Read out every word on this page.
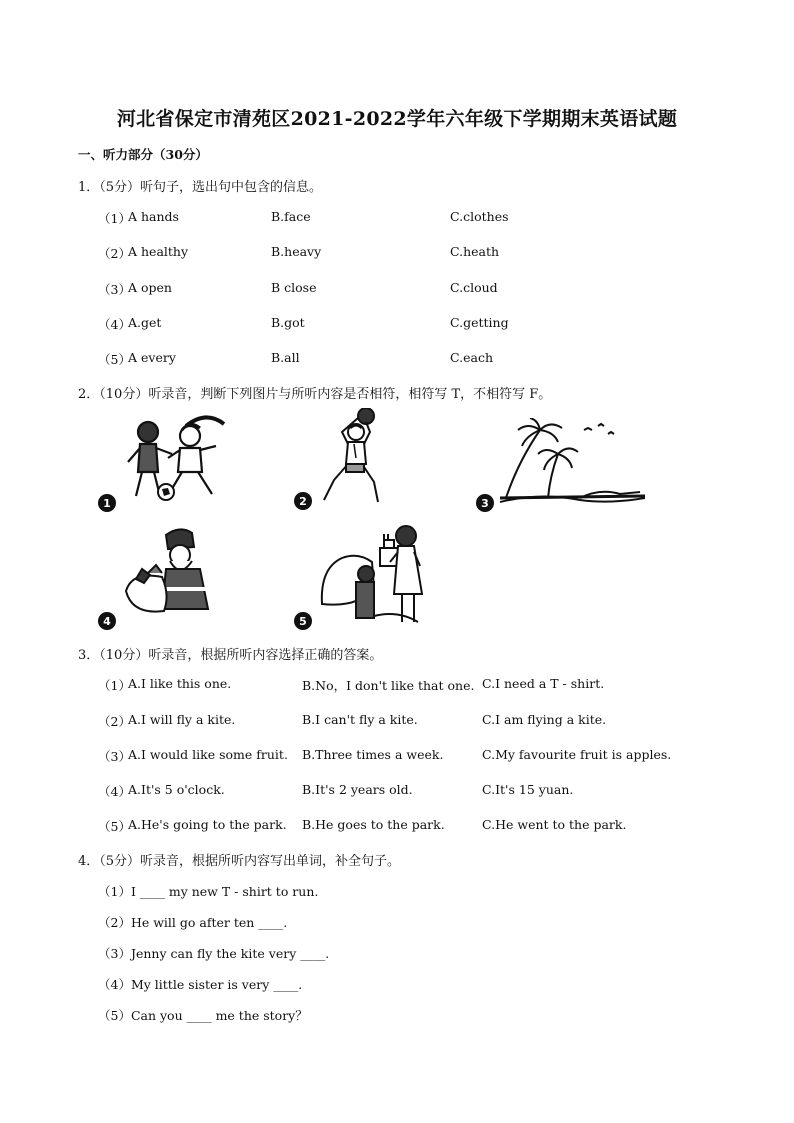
河北省保定市清苑区2021-2022学年六年级下学期期末英语试题
一、听力部分（30分）
1．（5分）听句子，选出句中包含的信息。
（1）
A hands	B.face	C.clothes
（2）
A healthy	B.heavy	C.heath
（3）
A open	B close	C.cloud
（4）
A.get	B.got	C.getting
（5）
A every	B.all	C.each
2．（10分）听录音，判断下列图片与所听内容是否相符，相符写 T，不相符写 F。
1	2	3
4	5
3．（10分）听录音，根据所听内容选择正确的答案。
（1）
A.I like this one.	B.No，I don't like that one. C.I need a T - shirt.
（2）
A.I will fly a kite.	B.I can't fly a kite.	C.I am flying a kite.
（3）
A.I would like some fruit. B.Three times a week.	C.My favourite fruit is apples.
（4）
A.It's 5 o'clock.	B.It's 2 years old.	C.It's 15 yuan.
（5）
A.He's going to the park. B.He goes to the park.	C.He went to the park.
4．（5分）听录音，根据所听内容写出单词，补全句子。
（1）I ____ my new T - shirt to run.
（2）He will go after ten ____.
（3）Jenny can fly the kite very ____.
（4）My little sister is very ____.
（5）Can you ____ me the story？
